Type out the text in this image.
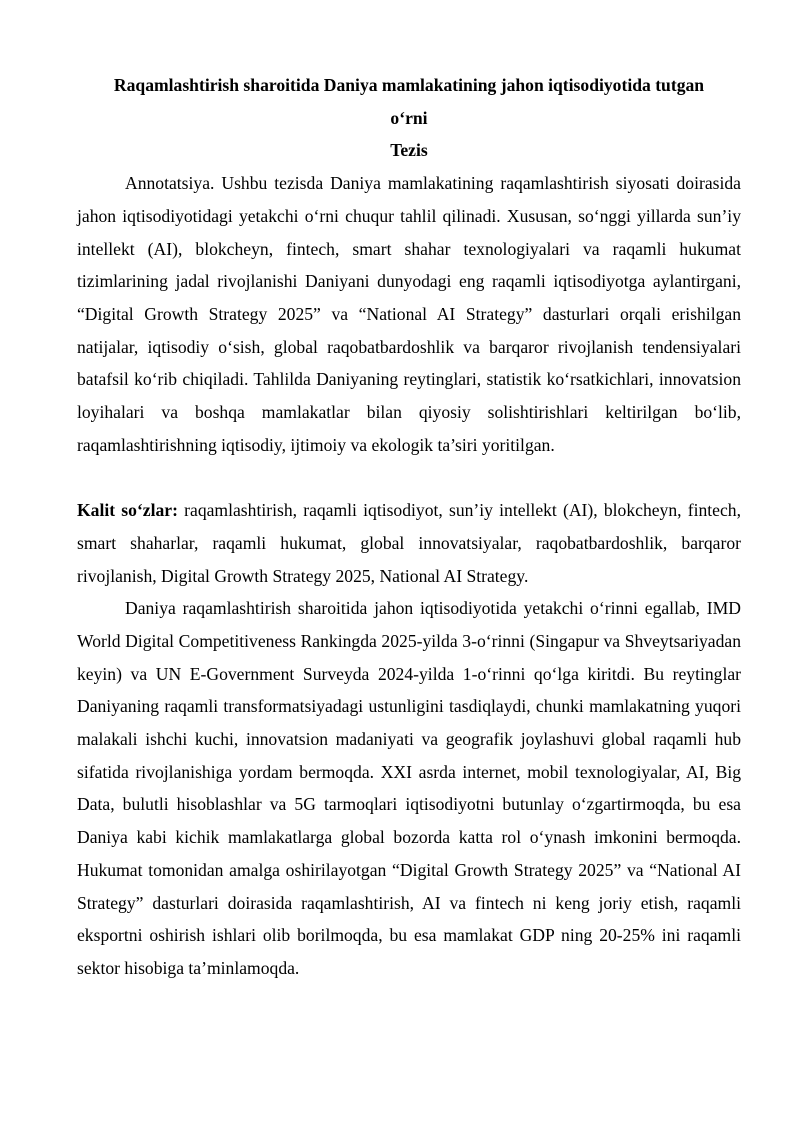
Raqamlashtirish sharoitida Daniya mamlakatining jahon iqtisodiyotida tutgan
o‘rni
Tezis

Annotatsiya. Ushbu tezisda Daniya mamlakatining raqamlashtirish siyosati doirasida jahon iqtisodiyotidagi yetakchi o‘rni chuqur tahlil qilinadi. Xususan, so‘nggi yillarda sun’iy intellekt (AI), blokcheyn, fintech, smart shahar texnologiyalari va raqamli hukumat tizimlarining jadal rivojlanishi Daniyani dunyodagi eng raqamli iqtisodiyotga aylantirgani, “Digital Growth Strategy 2025” va “National AI Strategy” dasturlari orqali erishilgan natijalar, iqtisodiy o‘sish, global raqobatbardoshlik va barqaror rivojlanish tendensiyalari batafsil ko‘rib chiqiladi. Tahlilda Daniyaning reytinglari, statistik ko‘rsatkichlari, innovatsion loyihalari va boshqa mamlakatlar bilan qiyosiy solishtirishlari keltirilgan bo‘lib, raqamlashtirishning iqtisodiy, ijtimoiy va ekologik ta’siri yoritilgan.

Kalit so‘zlar: raqamlashtirish, raqamli iqtisodiyot, sun’iy intellekt (AI), blokcheyn, fintech, smart shaharlar, raqamli hukumat, global innovatsiyalar, raqobatbardoshlik, barqaror rivojlanish, Digital Growth Strategy 2025, National AI Strategy.

Daniya raqamlashtirish sharoitida jahon iqtisodiyotida yetakchi o‘rinni egallab, IMD World Digital Competitiveness Rankingda 2025-yilda 3-o‘rinni (Singapur va Shveytsariyadan keyin) va UN E-Government Surveyda 2024-yilda 1-o‘rinni qo‘lga kiritdi. Bu reytinglar Daniyaning raqamli transformatsiyadagi ustunligini tasdiqlaydi, chunki mamlakatning yuqori malakali ishchi kuchi, innovatsion madaniyati va geografik joylashuvi global raqamli hub sifatida rivojlanishiga yordam bermoqda. XXI asrda internet, mobil texnologiyalar, AI, Big Data, bulutli hisoblashlar va 5G tarmoqlari iqtisodiyotni butunlay o‘zgartirmoqda, bu esa Daniya kabi kichik mamlakatlarga global bozorda katta rol o‘ynash imkonini bermoqda. Hukumat tomonidan amalga oshirilayotgan “Digital Growth Strategy 2025” va “National AI Strategy” dasturlari doirasida raqamlashtirish, AI va fintech ni keng joriy etish, raqamli eksportni oshirish ishlari olib borilmoqda, bu esa mamlakat GDP ning 20-25% ini raqamli sektor hisobiga ta’minlamoqda.
